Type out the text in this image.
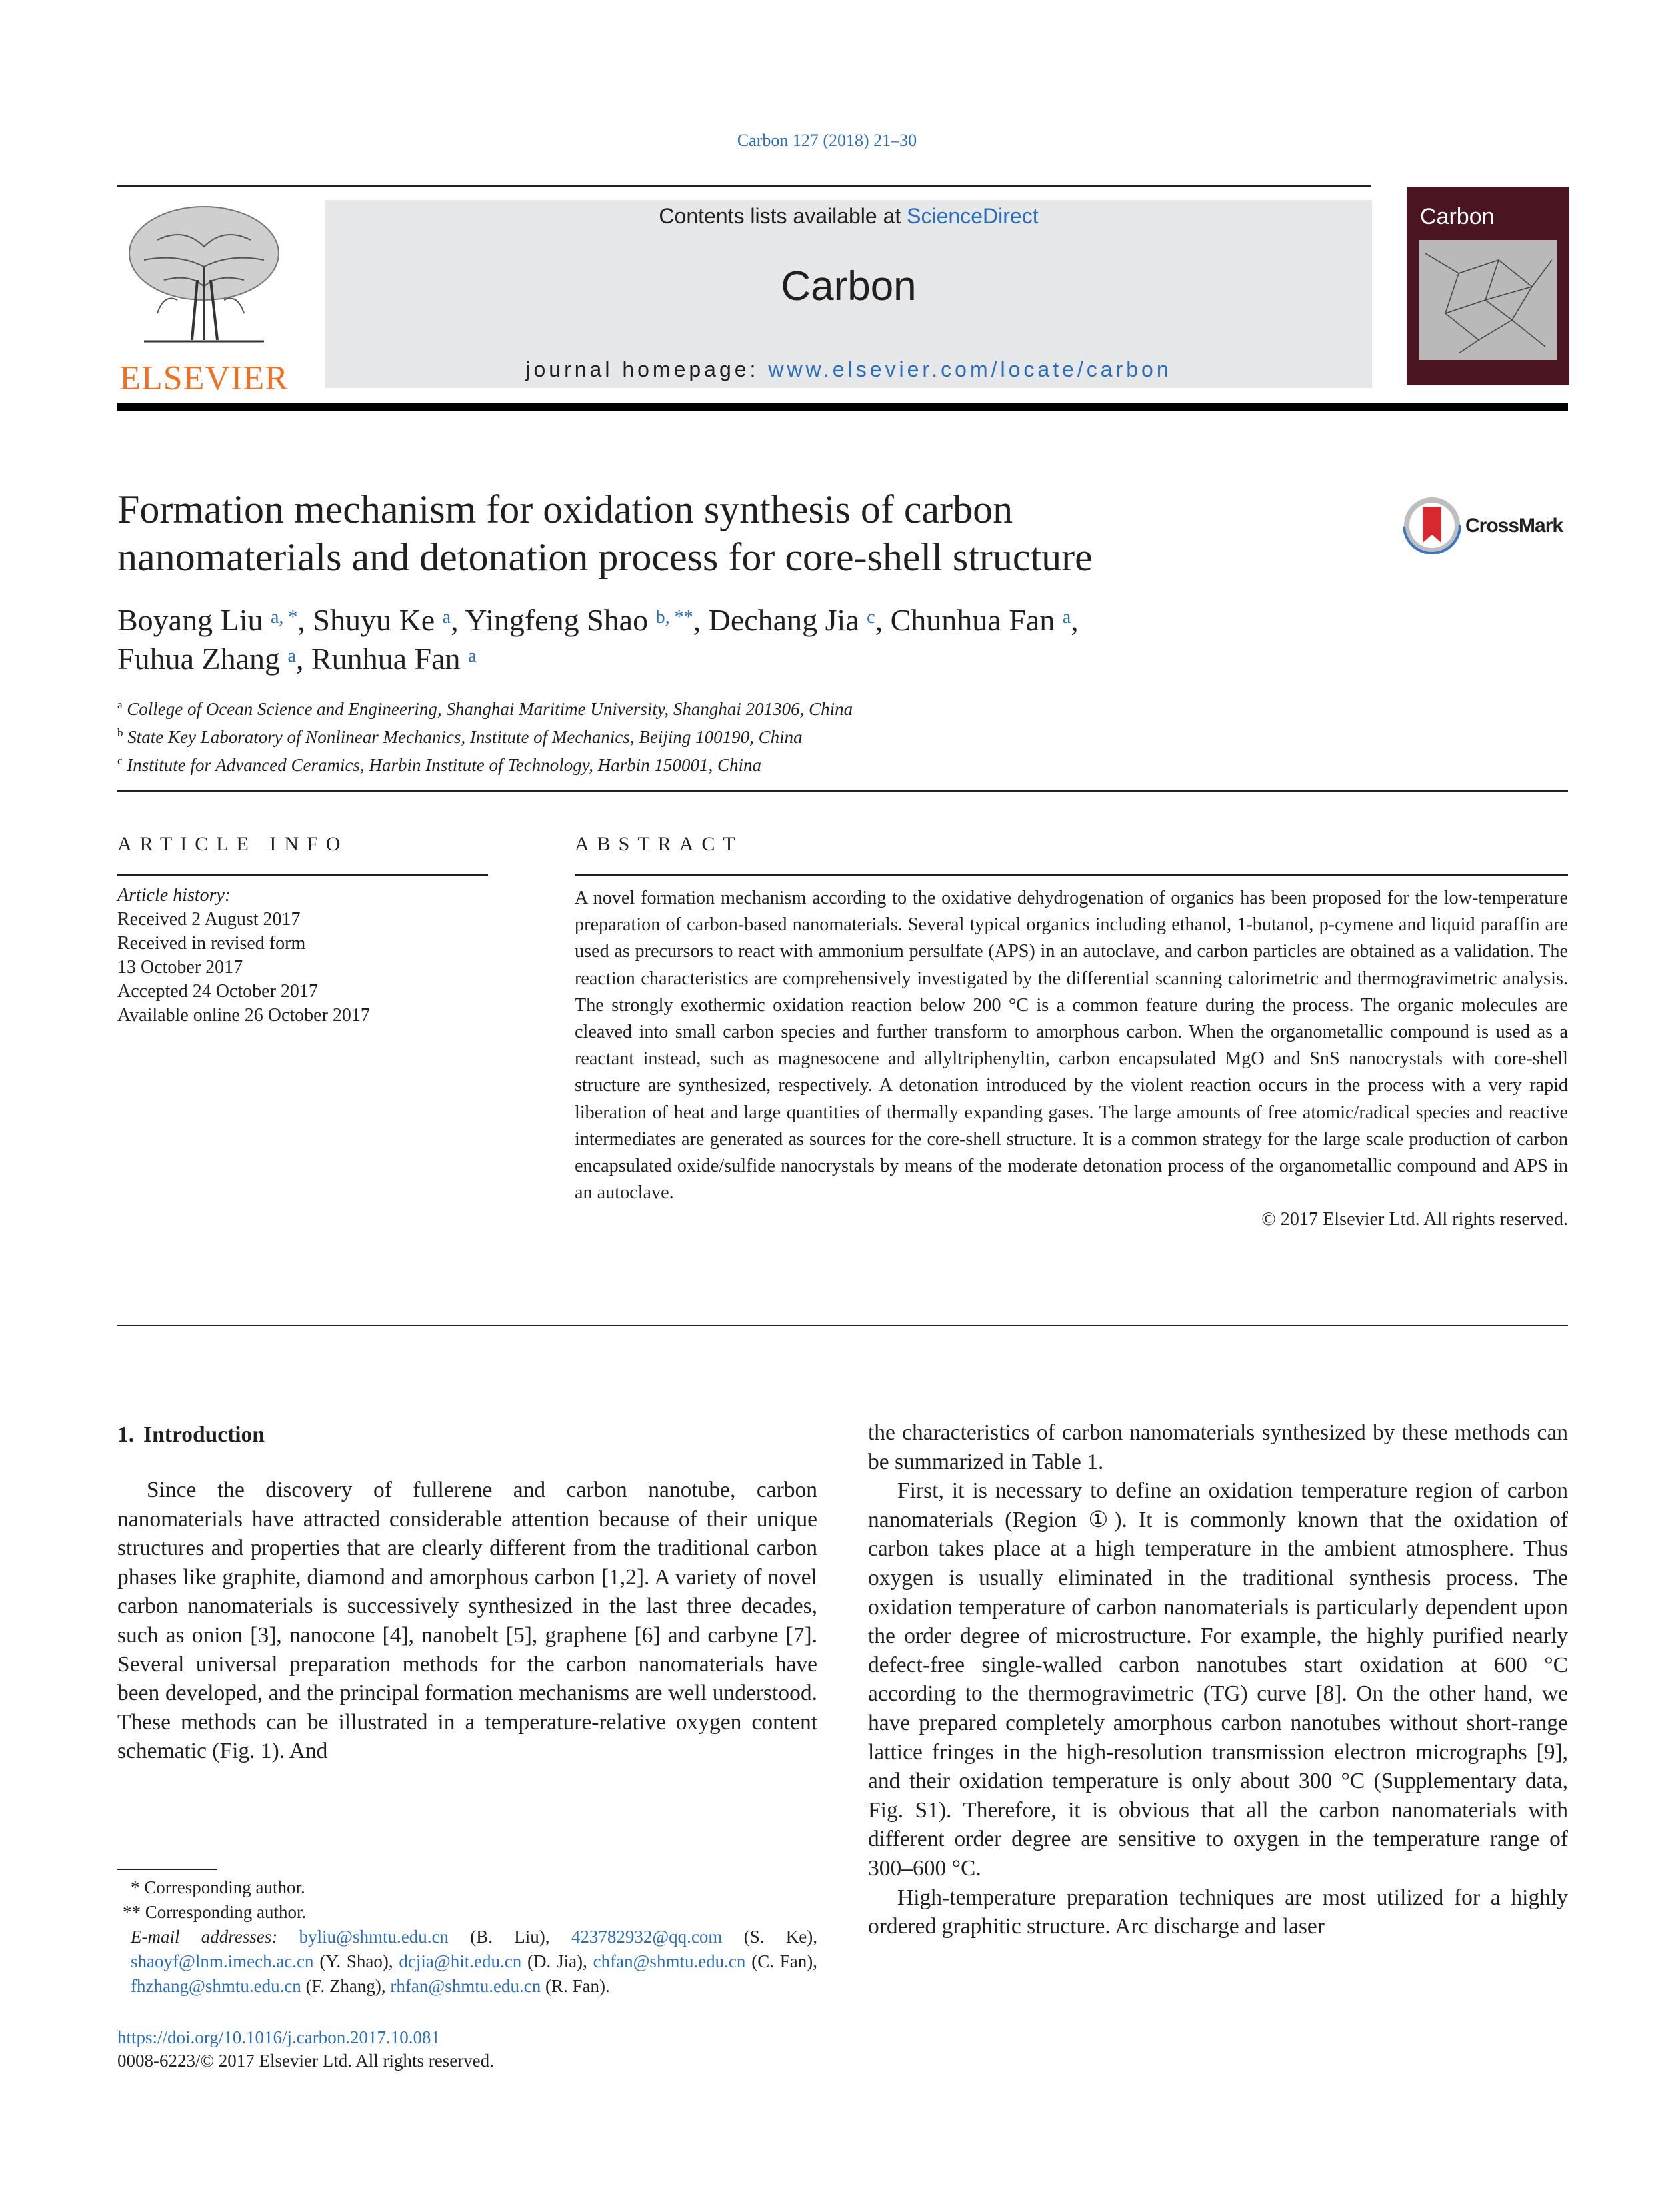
Carbon 127 (2018) 21–30
ELSEVIER
Contents lists available at ScienceDirect
Carbon
journal homepage: www.elsevier.com/locate/carbon
Carbon
Formation mechanism for oxidation synthesis of carbon
nanomaterials and detonation process for core-shell structure
CrossMark
Boyang Liu $^{a, *}$, Shuyu Ke $^a$, Yingfeng Shao $^{b, **}$, Dechang Jia $^c$, Chunhua Fan $^a$,
Fuhua Zhang $^a$, Runhua Fan $^a$
$^a$ College of Ocean Science and Engineering, Shanghai Maritime University, Shanghai 201306, China
$^b$ State Key Laboratory of Nonlinear Mechanics, Institute of Mechanics, Beijing 100190, China
$^c$ Institute for Advanced Ceramics, Harbin Institute of Technology, Harbin 150001, China
ARTICLE INFO
Article history:
Received 2 August 2017
Received in revised form
13 October 2017
Accepted 24 October 2017
Available online 26 October 2017
ABSTRACT
A novel formation mechanism according to the oxidative dehydrogenation of organics has been proposed for the low-temperature preparation of carbon-based nanomaterials. Several typical organics including ethanol, 1-butanol, p-cymene and liquid paraffin are used as precursors to react with ammonium persulfate (APS) in an autoclave, and carbon particles are obtained as a validation. The reaction characteristics are comprehensively investigated by the differential scanning calorimetric and thermogravimetric analysis. The strongly exothermic oxidation reaction below 200 °C is a common feature during the process. The organic molecules are cleaved into small carbon species and further transform to amorphous carbon. When the organometallic compound is used as a reactant instead, such as magnesocene and allyltriphenyltin, carbon encapsulated MgO and SnS nanocrystals with core-shell structure are synthesized, respectively. A detonation introduced by the violent reaction occurs in the process with a very rapid liberation of heat and large quantities of thermally expanding gases. The large amounts of free atomic/radical species and reactive intermediates are generated as sources for the core-shell structure. It is a common strategy for the large scale production of carbon encapsulated oxide/sulfide nanocrystals by means of the moderate detonation process of the organometallic compound and APS in an autoclave.
© 2017 Elsevier Ltd. All rights reserved.
1. Introduction

Since the discovery of fullerene and carbon nanotube, carbon nanomaterials have attracted considerable attention because of their unique structures and properties that are clearly different from the traditional carbon phases like graphite, diamond and amorphous carbon [1,2]. A variety of novel carbon nanomaterials is successively synthesized in the last three decades, such as onion [3], nanocone [4], nanobelt [5], graphene [6] and carbyne [7]. Several universal preparation methods for the carbon nanomaterials have been developed, and the principal formation mechanisms are well understood. These methods can be illustrated in a temperature-relative oxygen content schematic (Fig. 1). And

the characteristics of carbon nanomaterials synthesized by these methods can be summarized in Table 1.

First, it is necessary to define an oxidation temperature region of carbon nanomaterials (Region ①). It is commonly known that the oxidation of carbon takes place at a high temperature in the ambient atmosphere. Thus oxygen is usually eliminated in the traditional synthesis process. The oxidation temperature of carbon nanomaterials is particularly dependent upon the order degree of microstructure. For example, the highly purified nearly defect-free single-walled carbon nanotubes start oxidation at 600 °C according to the thermogravimetric (TG) curve [8]. On the other hand, we have prepared completely amorphous carbon nanotubes without short-range lattice fringes in the high-resolution transmission electron micrographs [9], and their oxidation temperature is only about 300 °C (Supplementary data, Fig. S1). Therefore, it is obvious that all the carbon nanomaterials with different order degree are sensitive to oxygen in the temperature range of 300–600 °C.

High-temperature preparation techniques are most utilized for a highly ordered graphitic structure. Arc discharge and laser

* Corresponding author.
** Corresponding author.
E-mail addresses: byliu@shmtu.edu.cn (B. Liu), 423782932@qq.com (S. Ke), shaoyf@lnm.imech.ac.cn (Y. Shao), dcjia@hit.edu.cn (D. Jia), chfan@shmtu.edu.cn (C. Fan), fhzhang@shmtu.edu.cn (F. Zhang), rhfan@shmtu.edu.cn (R. Fan).
https://doi.org/10.1016/j.carbon.2017.10.081
0008-6223/© 2017 Elsevier Ltd. All rights reserved.
